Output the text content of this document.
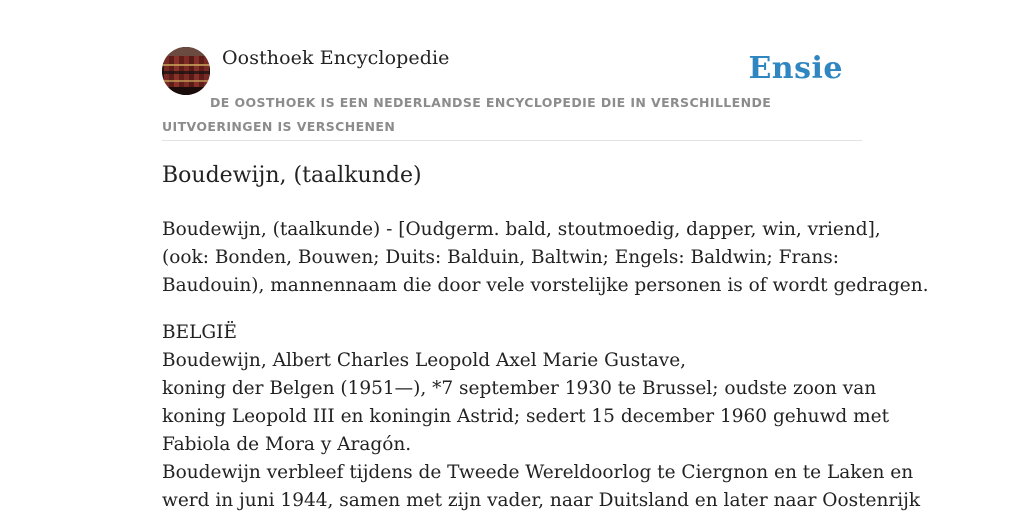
Oosthoek Encyclopedie	Ensie
DE OOSTHOEK IS EEN NEDERLANDSE ENCYCLOPEDIE DIE IN VERSCHILLENDE UITVOERINGEN IS VERSCHENEN
Boudewijn, (taalkunde)

Boudewijn, (taalkunde) - [Oudgerm. bald, stoutmoedig, dapper, win, vriend],
(ook: Bonden, Bouwen; Duits: Balduin, Baltwin; Engels: Baldwin; Frans:
Baudouin), mannennaam die door vele vorstelijke personen is of wordt gedragen.

BELGIË
Boudewijn, Albert Charles Leopold Axel Marie Gustave,
koning der Belgen (1951—), *7 september 1930 te Brussel; oudste zoon van
koning Leopold III en koningin Astrid; sedert 15 december 1960 gehuwd met
Fabiola de Mora y Aragón.
Boudewijn verbleef tijdens de Tweede Wereldoorlog te Ciergnon en te Laken en
werd in juni 1944, samen met zijn vader, naar Duitsland en later naar Oostenrijk
